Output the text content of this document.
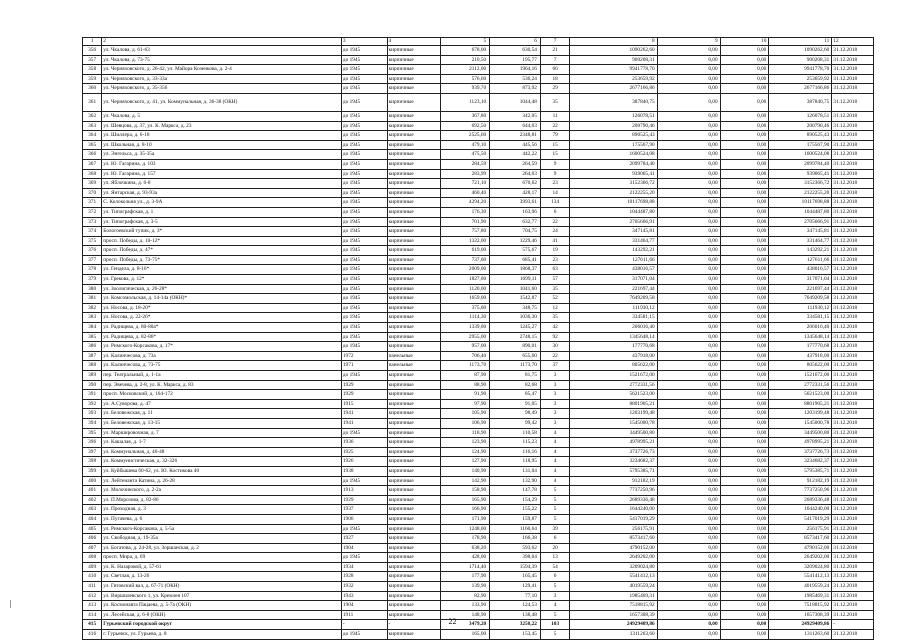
1	2	3	4	5	6	7	8	9	10	11	12
356	ул. Чкалова, д. 61-63	до 1945	кирпичные	678,00	630,54	21	1090262,60	0,00	0,00	1090262,60	31.12.2018
357	ул. Чкалова, д. 73-75	до 1945	кирпичные	210,50	195,77	7	900208,31	0,00	0,00	900208,31	31.12.2018
358	ул. Черняховского, д. 26-42, ул. Майора Козенкова, д. 2-4	до 1945	кирпичные	2112,00	1964,16	66	9941778,70	0,00	0,00	9941778,70	31.12.2018
359	ул. Черняховского, д. 33-33а	до 1945	кирпичные	576,60	536,24	18	253659,92	0,00	0,00	253659,92	31.12.2018
360	ул. Черняховского, д. 35-356	до 1945	кирпичные	939,70	873,92	29	2677166,86	0,00	0,00	2677166,86	31.12.2018
361	ул. Черняховского, д. 41, ул. Коммунальная, д. 36-38 (ОКН)	до 1945	кирпичные	1123,10	1044,48	35	387840,75	0,00	0,00	387840,75	31.12.2018
362	ул. Чкалова, д. 5	до 1945	кирпичные	367,80	342,05	11	126078,51	0,00	0,00	126078,51	31.12.2018
363	ул. Шевцова, д. 37, ул. К. Маркса, д. 23	до 1945	кирпичные	692,50	644,03	22	200790,46	0,00	0,00	200790,46	31.12.2018
364	ул. Шиллера, д. 6-18	до 1945	кирпичные	2525,60	2348,81	79	890525,43	0,00	0,00	890525,43	31.12.2018
365	ул. Школьная, д. 8-10	до 1945	кирпичные	479,10	445,56	15	175567,90	0,00	0,00	175567,90	31.12.2018
366	ул. Энгельса, д. 35-35а	до 1945	кирпичные	475,50	442,22	15	1600524,08	0,00	0,00	1600524,08	31.12.2018
367	ул. Ю. Гагарина, д. 103	до 1945	кирпичные	284,59	264,59	9	2099784,40	0,00	0,00	2099784,40	31.12.2018
368	ул. Ю. Гагарина, д. 157	до 1945	кирпичные	283,99	264,03	9	939065,41	0,00	0,00	939065,41	31.12.2018
369	ул. Яблочкина, д. 6-8	до 1945	кирпичные	721,10	670,62	23	3152366,72	0,00	0,00	3152366,72	31.12.2018
370	ул. Янтарская, д. 93-93а	до 1945	кирпичные	460,40	428,17	14	2122255,20	0,00	0,00	2122255,20	31.12.2018
371	С. Колокольня ул., д. 3-9А	до 1945	кирпичные	4294,20	3993,61	134	10117698,88	0,00	0,00	10117698,88	31.12.2018
372	ул. Типографская, д. 1	до 1945	кирпичные	176,30	163,96	6	1044487,80	0,00	0,00	1044487,80	31.12.2018
373	ул. Типографская, д. 3-5	до 1945	кирпичные	701,90	632,77	22	2705666,91	0,00	0,00	2705666,91	31.12.2018
374	Бологоевский тупик, д. 3*	до 1945	кирпичные	757,80	704,75	24	347145,81	0,00	0,00	347145,81	31.12.2018
375	просп. Победы, д. 10-12*	до 1945	кирпичные	1322,00	1229,46	41	331464,77	0,00	0,00	331464,77	31.12.2018
376	просп. Победы, д. 47*	до 1945	кирпичные	619,00	575,67	19	143292,21	0,00	0,00	143292,21	31.12.2018
377	просп. Победы, д. 73-75*	до 1945	кирпичные	737,00	685,41	23	127611,66	0,00	0,00	127611,66	31.12.2018
378	ул. Гендела, д. 8-16*	до 1945	кирпичные	2009,00	1868,37	63	438016,57	0,00	0,00	438016,57	31.12.2018
379	ул. Грекова, д. 12*	до 1945	кирпичные	1827,00	1699,11	57	317071,04	0,00	0,00	317071,04	31.12.2018
380	ул. Зоологическая, д. 26-28*	до 1945	кирпичные	1120,00	1041,60	35	221697,44	0,00	0,00	221697,44	31.12.2018
381	ул. Комсомольская, д. 14-14а (ОКН)*	до 1945	кирпичные	1659,00	1542,87	52	7649209,58	0,00	0,00	7649209,58	31.12.2018
382	ул. Носова, д. 18-20*	до 1945	кирпичные	375,00	348,75	12	111930,12	0,00	0,00	111930,12	31.12.2018
383	ул. Носова, д. 22-26*	до 1945	кирпичные	1114,30	1036,30	35	334581,15	0,00	0,00	334581,15	31.12.2018
384	ул. Радищева, д. 80-80а*	до 1945	кирпичные	1339,00	1245,27	42	206016,40	0,00	0,00	206016,40	31.12.2018
385	ул. Радищева, д. 82-86*	до 1945	кирпичные	2955,00	2748,15	92	1345648,14	0,00	0,00	1345648,14	31.12.2018
386	ул. Римского-Корсакова, д. 17*	до 1945	кирпичные	957,00	890,01	30	177770,68	0,00	0,00	177770,68	31.12.2018
387	ул. Калинчесова, д. 73а	1972	панельные	706,40	655,60	22	437918,00	0,00	0,00	437918,00	31.12.2018
388	ул. Калинчесова, д. 73-75	1971	панельные	1173,70	1173,70	37	805622,00	0,00	0,00	805622,00	31.12.2018
389	пер. Театральный, д. 1-1а	до 1945	кирпичные	87,90	81,75	3	1521672,00	0,00	0,00	1521672,00	31.12.2018
390	пер. Эвечева, д. 2-8, ул. К. Маркса, д. 83	1929	кирпичные	88,90	82,68	3	2772331,56	0,00	0,00	2772331,56	31.12.2018
391	просп. Московский, д. 164-172	1929	кирпичные	91,90	85,47	3	5621523,00	0,00	0,00	5621523,00	31.12.2018
392	ул. А.Суворова, д. 47	1915	кирпичные	97,90	91,05	3	8801905,21	0,00	0,00	8801905,21	31.12.2018
393	ул. Беловежская, д. 11	1941	кирпичные	105,90	98,49	3	1203199,48	0,00	0,00	1203199,48	31.12.2018
394	ул. Беловежская, д. 13-15	1941	кирпичные	106,90	99,42	3	1545000,78	0,00	0,00	1545000,78	31.12.2018
395	ул. Маршировочная, д. 7	до 1945	кирпичные	118,90	110,58	4	3449500,80	0,00	0,00	3449500,80	31.12.2018
396	ул. Кашалая, д. 1-7	1936	кирпичные	123,90	115,23	4	4978995,21	0,00	0,00	4978995,21	31.12.2018
397	ул. Коммунальная, д. 46-48	1925	кирпичные	124,90	116,16	4	3737726,73	0,00	0,00	3737726,73	31.12.2018
398	ул. Коммунистическая, д. 32-326	1926	кирпичные	127,90	118,95	4	3234682,37	0,00	0,00	3234682,37	31.12.2018
399	ул. Куйбышева 60-62, ул. Ю. Костикова 40	1938	кирпичные	140,90	131,04	4	5795385,71	0,00	0,00	5795385,71	31.12.2018
400	ул. Лейтенанта Катина, д. 26-28	до 1945	кирпичные	142,90	132,90	4	912182,19	0,00	0,00	912182,19	31.12.2018
401	ул. Молочинского, д. 2-2а	1913	кирпичные	158,90	147,78	5	7737250,96	0,00	0,00	7737250,96	31.12.2018
402	ул. П.Морозова, д. 82-86	1929	кирпичные	165,90	154,29	5	2689336,48	0,00	0,00	2689336,48	31.12.2018
403	ул. Проходная, д. 3	1937	кирпичные	166,90	155,22	5	1644240,00	0,00	0,00	1644240,00	31.12.2018
404	ул. Пугачева, д. 6	1906	кирпичные	171,90	159,87	5	5417019,29	0,00	0,00	5417019,29	31.12.2018
405	ул. Римского-Корсакова, д. 5-5а	до 1945	кирпичные	1248,00	1160,64	39	256175,91	0,00	0,00	256175,91	31.12.2018
406	ул. Свободная, д. 19-35а	1927	кирпичные	178,90	166,38	6	8573417,60	0,00	0,00	8573417,60	31.12.2018
407	ул. Богатова, д. 24-28, ул. Зоршанская, д. 2	1904	кирпичные	638,20	593,62	20	4790152,00	0,00	0,00	4790152,00	31.12.2018
408	просп. Мира, д. 69	до 1945	кирпичные	428,00	398,04	13	2649202,00	0,00	0,00	2649202,00	31.12.2018
409	ул. К. Назаровой, д. 57-61	1934	кирпичные	1714,40	1594,39	54	3209024,80	0,00	0,00	3209024,80	31.12.2018
410	ул. Светлая, д. 13-26	1928	кирпичные	177,90	165,45	6	5541412,13	0,00	0,00	5541412,13	31.12.2018
411	ул. Гвтовский вал, д. 67-71 (ОКН)	1932	кирпичные	139,90	129,41	5	4019559,24	0,00	0,00	4019559,24	31.12.2018
412	ул. Виршилевского 1, ул. Кремлея 107	1943	кирпичные	82,90	77,10	3	1985469,31	0,00	0,00	1985469,31	31.12.2018
413	ул. Космонавта Пацаева, д. 5-7а (ОКН)	1904	кирпичные	133,90	124,53	4	7518815,92	0,00	0,00	7518815,92	31.12.2018
414	ул. Лесейская, д. 6-8 (ОКН)	1911	кирпичные	148,90	138,48	5	1657308,39	0,00	0,00	1657308,39	31.12.2018
415	Гурьевский городской округ	-	-	3479,20	3250,22	103	24929409,86	0,00	0,00	24929409,86	-
416	г. Гурьевск, ул. Гурьева, д. 8	до 1945	кирпичные	165,00	153,45	5	1311263,60	0,00	0,00	1311263,60	31.12.2018
22
